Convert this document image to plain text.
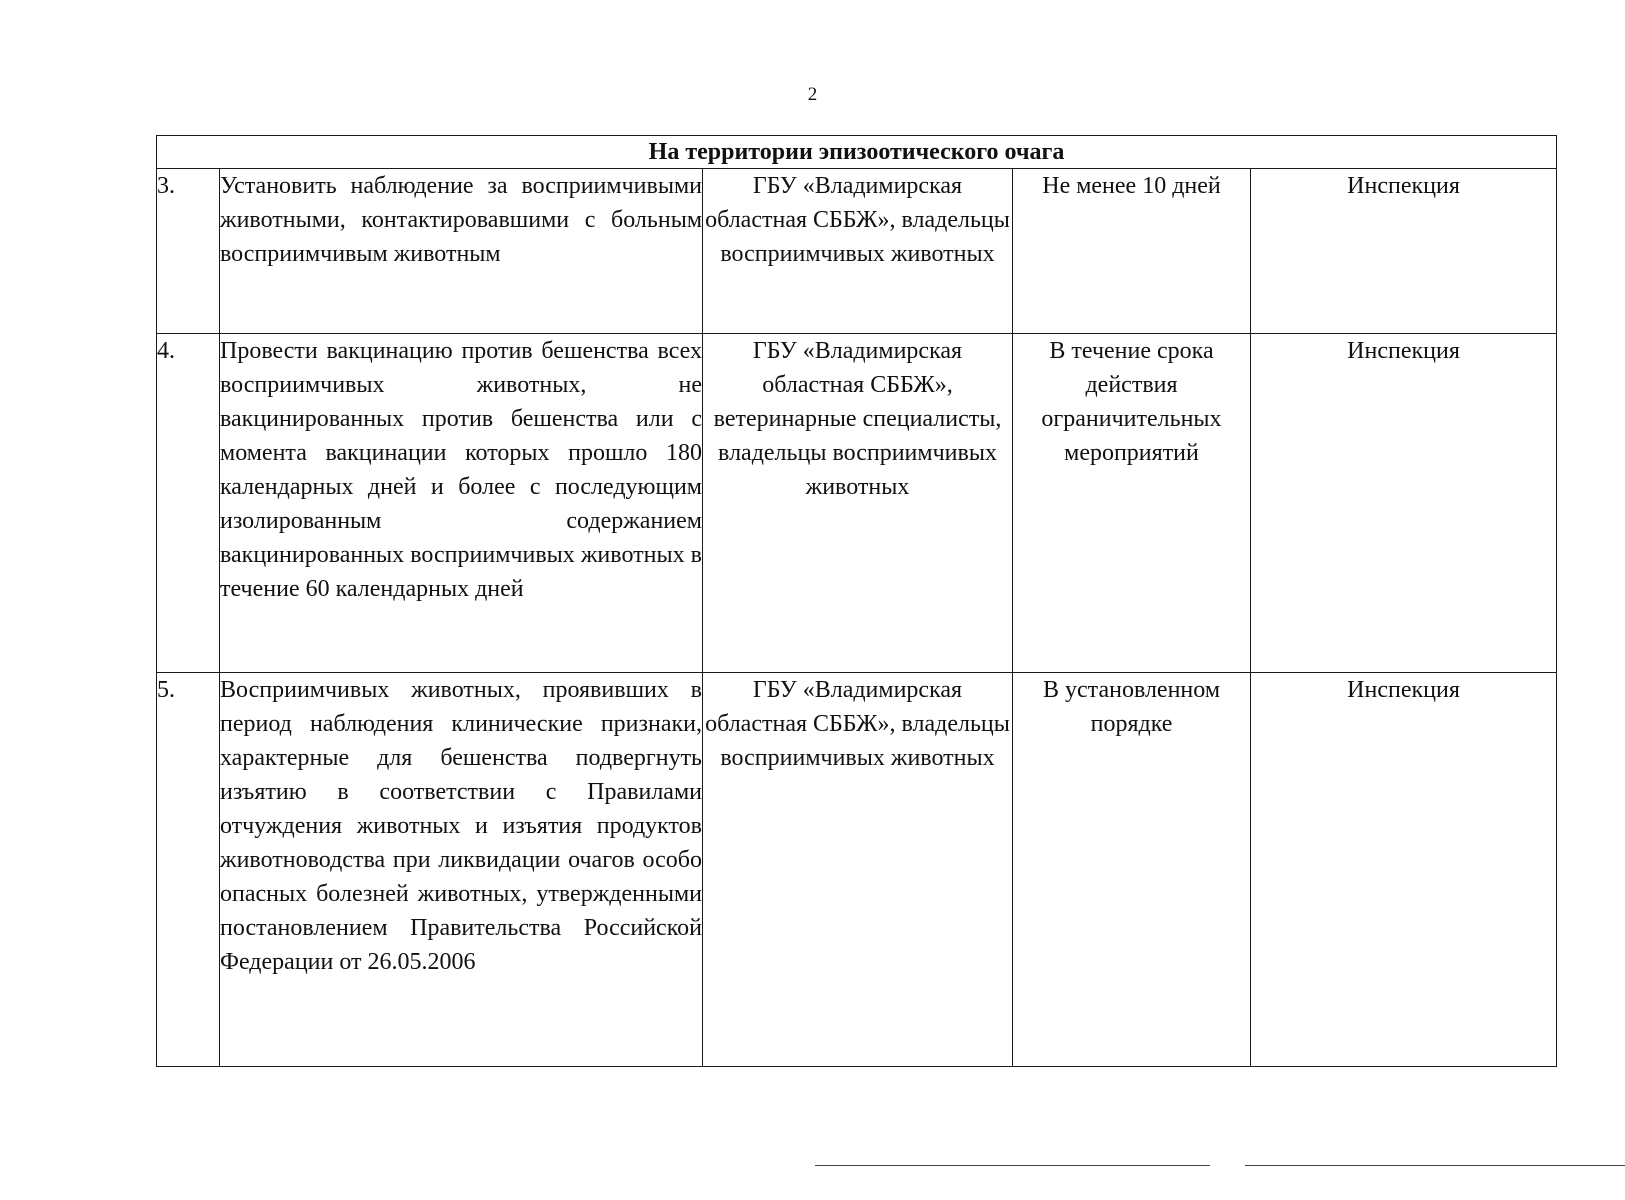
2
На территории эпизоотического очага				
3.	Установить наблюдение за восприимчивыми животными, контактировавшими с больным восприимчивым животным	ГБУ «Владимирская областная СББЖ», владельцы восприимчивых животных	Не менее 10 дней	Инспекция
4.	Провести вакцинацию против бешенства всех восприимчивых животных, не вакцинированных против бешенства или с момента вакцинации которых прошло 180 календарных дней и более с последующим изолированным содержанием вакцинированных восприимчивых животных в течение 60 календарных дней	ГБУ «Владимирская областная СББЖ», ветеринарные специалисты, владельцы восприимчивых животных	В течение срока действия ограничительных мероприятий	Инспекция
5.	Восприимчивых животных, проявивших в период наблюдения клинические признаки, характерные для бешенства подвергнуть изъятию в соответствии с Правилами отчуждения животных и изъятия продуктов животноводства при ликвидации очагов особо опасных болезней животных, утвержденными постановлением Правительства Российской Федерации от 26.05.2006	ГБУ «Владимирская областная СББЖ», владельцы восприимчивых животных	В установленном порядке	Инспекция
